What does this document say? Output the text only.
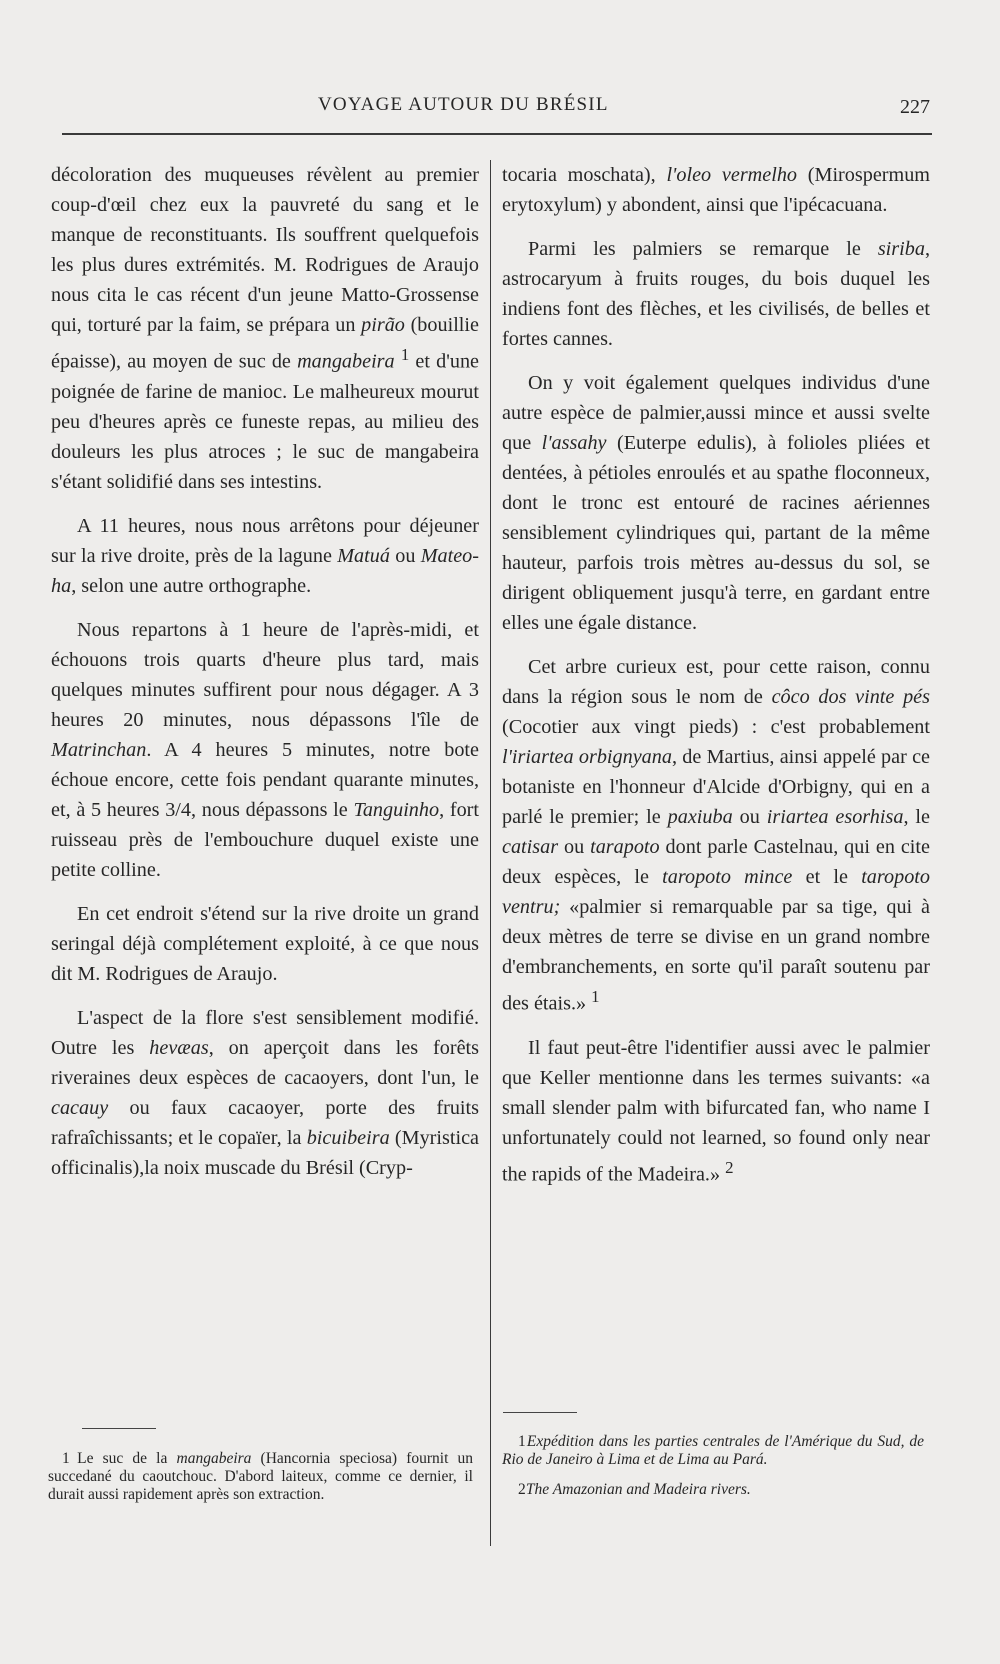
VOYAGE AUTOUR DU BRÉSIL	227

décoloration des muqueuses révèlent au premier coup-d'œil chez eux la pauvreté du sang et le manque de reconstituants. Ils souffrent quelquefois les plus dures extrémités. M. Rodrigues de Araujo nous cita le cas récent d'un jeune Matto-Grossense qui, torturé par la faim, se prépara un pirão (bouillie épaisse), au moyen de suc de mangabeira $^1$ et d'une poignée de farine de manioc. Le malheureux mourut peu d'heures après ce funeste repas, au milieu des douleurs les plus atroces ; le suc de mangabeira s'étant solidifié dans ses intestins.

A 11 heures, nous nous arrêtons pour déjeuner sur la rive droite, près de la lagune Matuá ou Mateo-ha, selon une autre orthographe.

Nous repartons à 1 heure de l'après-midi, et échouons trois quarts d'heure plus tard, mais quelques minutes suffirent pour nous dégager. A 3 heures 20 minutes, nous dépassons l'île de Matrinchan. A 4 heures 5 minutes, notre bote échoue encore, cette fois pendant quarante minutes, et, à 5 heures 3/4, nous dépassons le Tanguinho, fort ruisseau près de l'embouchure duquel existe une petite colline.

En cet endroit s'étend sur la rive droite un grand seringal déjà complétement exploité, à ce que nous dit M. Rodrigues de Araujo.

L'aspect de la flore s'est sensiblement modifié. Outre les hevæas, on aperçoit dans les forêts riveraines deux espèces de cacaoyers, dont l'un, le cacauy ou faux cacaoyer, porte des fruits rafraîchissants; et le copaïer, la bicuibeira (Myristica officinalis),la noix muscade du Brésil (Cryp-

tocaria moschata), l'oleo vermelho (Mirospermum erytoxylum) y abondent, ainsi que l'ipécacuana.

Parmi les palmiers se remarque le siriba, astrocaryum à fruits rouges, du bois duquel les indiens font des flèches, et les civilisés, de belles et fortes cannes.

On y voit également quelques individus d'une autre espèce de palmier,aussi mince et aussi svelte que l'assahy (Euterpe edulis), à folioles pliées et dentées, à pétioles enroulés et au spathe floconneux, dont le tronc est entouré de racines aériennes sensiblement cylindriques qui, partant de la même hauteur, parfois trois mètres au-dessus du sol, se dirigent obliquement jusqu'à terre, en gardant entre elles une égale distance.

Cet arbre curieux est, pour cette raison, connu dans la région sous le nom de côco dos vinte pés (Cocotier aux vingt pieds) : c'est probablement l'iriartea orbignyana, de Martius, ainsi appelé par ce botaniste en l'honneur d'Alcide d'Orbigny, qui en a parlé le premier; le paxiuba ou iriartea esorhisa, le catisar ou tarapoto dont parle Castelnau, qui en cite deux espèces, le taropoto mince et le taropoto ventru; «palmier si remarquable par sa tige, qui à deux mètres de terre se divise en un grand nombre d'embranchements, en sorte qu'il paraît soutenu par des étais.» $^1$

Il faut peut-être l'identifier aussi avec le palmier que Keller mentionne dans les termes suivants: «a small slender palm with bifurcated fan, who name I unfortunately could not learned, so found only near the rapids of the Madeira.» $^2$

1 Le suc de la mangabeira (Hancornia speciosa) fournit un succedané du caoutchouc. D'abord laiteux, comme ce dernier, il durait aussi rapidement après son extraction.
1 Expédition dans les parties centrales de l'Amérique du Sud, de Rio de Janeiro à Lima et de Lima au Pará.
2 The Amazonian and Madeira rivers.
